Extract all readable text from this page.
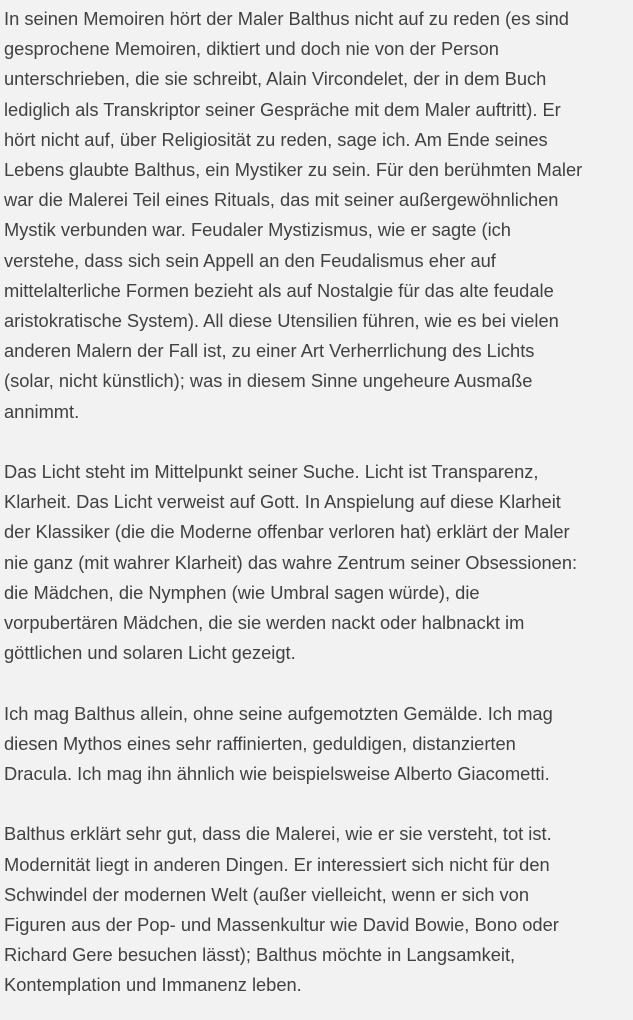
In seinen Memoiren hört der Maler Balthus nicht auf zu reden (es sind
gesprochene Memoiren, diktiert und doch nie von der Person
unterschrieben, die sie schreibt, Alain Vircondelet, der in dem Buch
lediglich als Transkriptor seiner Gespräche mit dem Maler auftritt). Er
hört nicht auf, über Religiosität zu reden, sage ich. Am Ende seines
Lebens glaubte Balthus, ein Mystiker zu sein. Für den berühmten Maler
war die Malerei Teil eines Rituals, das mit seiner außergewöhnlichen
Mystik verbunden war. Feudaler Mystizismus, wie er sagte (ich
verstehe, dass sich sein Appell an den Feudalismus eher auf
mittelalterliche Formen bezieht als auf Nostalgie für das alte feudale
aristokratische System). All diese Utensilien führen, wie es bei vielen
anderen Malern der Fall ist, zu einer Art Verherrlichung des Lichts
(solar, nicht künstlich); was in diesem Sinne ungeheure Ausmaße
annimmt.

Das Licht steht im Mittelpunkt seiner Suche. Licht ist Transparenz,
Klarheit. Das Licht verweist auf Gott. In Anspielung auf diese Klarheit
der Klassiker (die die Moderne offenbar verloren hat) erklärt der Maler
nie ganz (mit wahrer Klarheit) das wahre Zentrum seiner Obsessionen:
die Mädchen, die Nymphen (wie Umbral sagen würde), die
vorpubertären Mädchen, die sie werden nackt oder halbnackt im
göttlichen und solaren Licht gezeigt.

Ich mag Balthus allein, ohne seine aufgemotzten Gemälde. Ich mag
diesen Mythos eines sehr raffinierten, geduldigen, distanzierten
Dracula. Ich mag ihn ähnlich wie beispielsweise Alberto Giacometti.

Balthus erklärt sehr gut, dass die Malerei, wie er sie versteht, tot ist.
Modernität liegt in anderen Dingen. Er interessiert sich nicht für den
Schwindel der modernen Welt (außer vielleicht, wenn er sich von
Figuren aus der Pop- und Massenkultur wie David Bowie, Bono oder
Richard Gere besuchen lässt); Balthus möchte in Langsamkeit,
Kontemplation und Immanenz leben.
